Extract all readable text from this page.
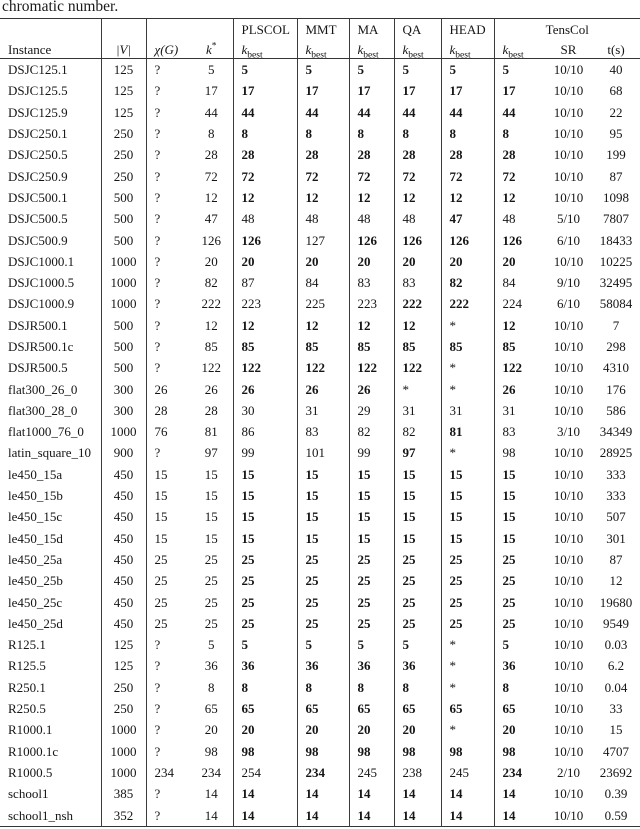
chromatic number.
				PLSCOL	MMT	MA	QA	HEAD	TensCol		
Instance	|V|	χ(G)	k*	$k_{best}$	$k_{best}$	$k_{best}$	$k_{best}$	$k_{best}$	$k_{best}$	SR	t(s)
DSJC125.1	125	?	5	5	5	5	5	5	5	10/10	40
DSJC125.5	125	?	17	17	17	17	17	17	17	10/10	68
DSJC125.9	125	?	44	44	44	44	44	44	44	10/10	22
DSJC250.1	250	?	8	8	8	8	8	8	8	10/10	95
DSJC250.5	250	?	28	28	28	28	28	28	28	10/10	199
DSJC250.9	250	?	72	72	72	72	72	72	72	10/10	87
DSJC500.1	500	?	12	12	12	12	12	12	12	10/10	1098
DSJC500.5	500	?	47	48	48	48	48	47	48	5/10	7807
DSJC500.9	500	?	126	126	127	126	126	126	126	6/10	18433
DSJC1000.1	1000	?	20	20	20	20	20	20	20	10/10	10225
DSJC1000.5	1000	?	82	87	84	83	83	82	84	9/10	32495
DSJC1000.9	1000	?	222	223	225	223	222	222	224	6/10	58084
DSJR500.1	500	?	12	12	12	12	12	*	12	10/10	7
DSJR500.1c	500	?	85	85	85	85	85	85	85	10/10	298
DSJR500.5	500	?	122	122	122	122	122	*	122	10/10	4310
flat300_26_0	300	26	26	26	26	26	*	*	26	10/10	176
flat300_28_0	300	28	28	30	31	29	31	31	31	10/10	586
flat1000_76_0	1000	76	81	86	83	82	82	81	83	3/10	34349
latin_square_10	900	?	97	99	101	99	97	*	98	10/10	28925
le450_15a	450	15	15	15	15	15	15	15	15	10/10	333
le450_15b	450	15	15	15	15	15	15	15	15	10/10	333
le450_15c	450	15	15	15	15	15	15	15	15	10/10	507
le450_15d	450	15	15	15	15	15	15	15	15	10/10	301
le450_25a	450	25	25	25	25	25	25	25	25	10/10	87
le450_25b	450	25	25	25	25	25	25	25	25	10/10	12
le450_25c	450	25	25	25	25	25	25	25	25	10/10	19680
le450_25d	450	25	25	25	25	25	25	25	25	10/10	9549
R125.1	125	?	5	5	5	5	5	*	5	10/10	0.03
R125.5	125	?	36	36	36	36	36	*	36	10/10	6.2
R250.1	250	?	8	8	8	8	8	*	8	10/10	0.04
R250.5	250	?	65	65	65	65	65	65	65	10/10	33
R1000.1	1000	?	20	20	20	20	20	*	20	10/10	15
R1000.1c	1000	?	98	98	98	98	98	98	98	10/10	4707
R1000.5	1000	234	234	254	234	245	238	245	234	2/10	23692
school1	385	?	14	14	14	14	14	14	14	10/10	0.39
school1_nsh	352	?	14	14	14	14	14	14	14	10/10	0.59
